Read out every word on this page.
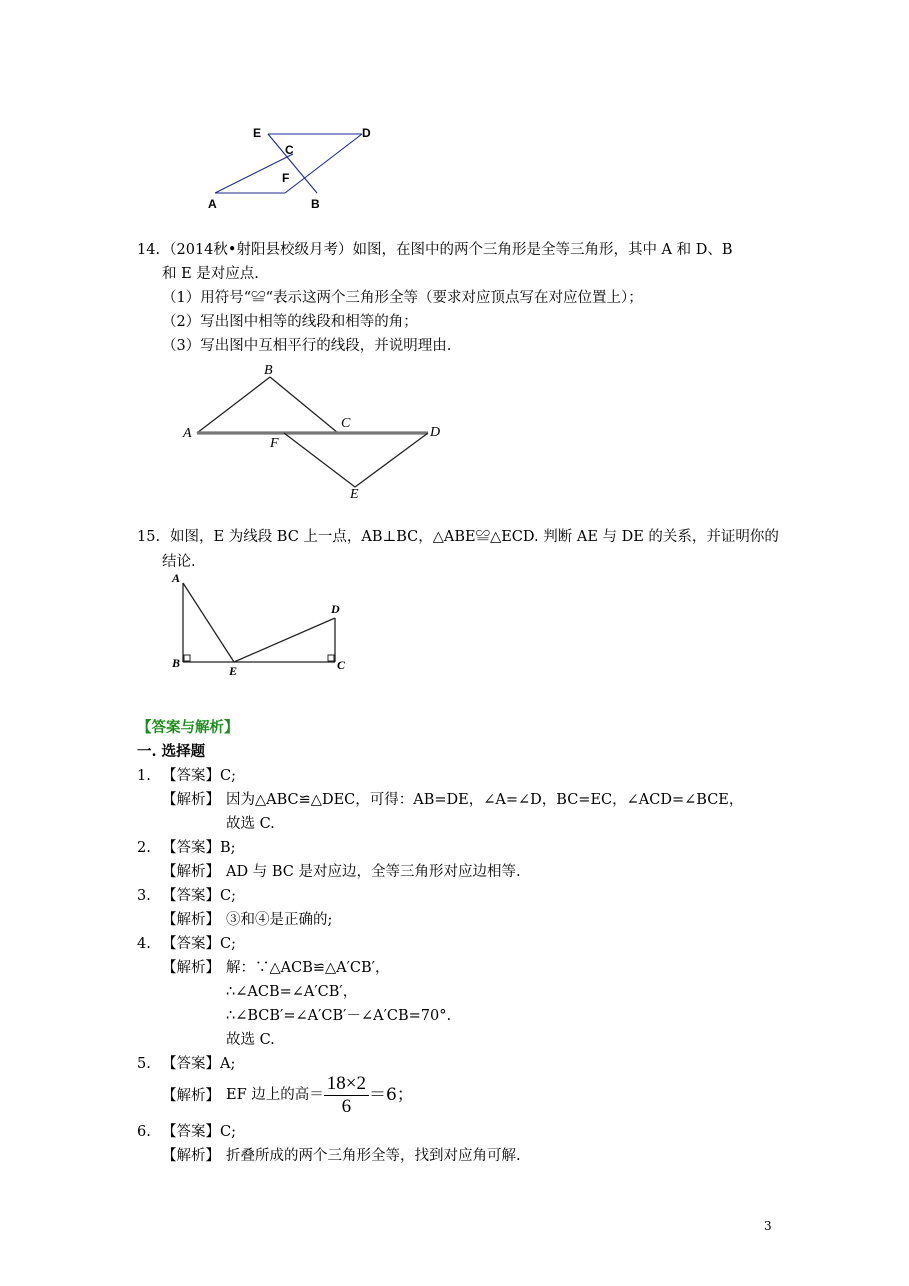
E	D
C
F
A	B
14. （2014秋•射阳县校级月考）如图，在图中的两个三角形是全等三角形，其中 A 和 D、B
和 E 是对应点.
（1）用符号“≌“表示这两个三角形全等（要求对应顶点写在对应位置上）；
（2）写出图中相等的线段和相等的角；
（3）写出图中互相平行的线段，并说明理由.
B
C
A	D
F
E
15. 如图，E 为线段 BC 上一点，AB⊥BC，△ABE≌△ECD. 判断 AE 与 DE 的关系，并证明你的
结论.
A
D
B
E	C
【答案与解析】
一. 选择题
1. 【答案】C;
【解析】 因为△ABC≌△DEC，可得：AB=DE，∠A=∠D，BC=EC，∠ACD=∠BCE，
故选 C.
2. 【答案】B;
【解析】 AD 与 BC 是对应边，全等三角形对应边相等.
3. 【答案】C;
【解析】 ③和④是正确的;
4. 【答案】C;
【解析】 解：∵△ACB≌△A′CB′，
∴∠ACB=∠A′CB′，
∴∠BCB′=∠A′CB′－∠A′CB=70°.
故选 C.
5. 【答案】A;
【解析】 EF 边上的高＝ $\frac{18\times 2}{6} =6$；
6. 【答案】C;
【解析】 折叠所成的两个三角形全等，找到对应角可解.
3
